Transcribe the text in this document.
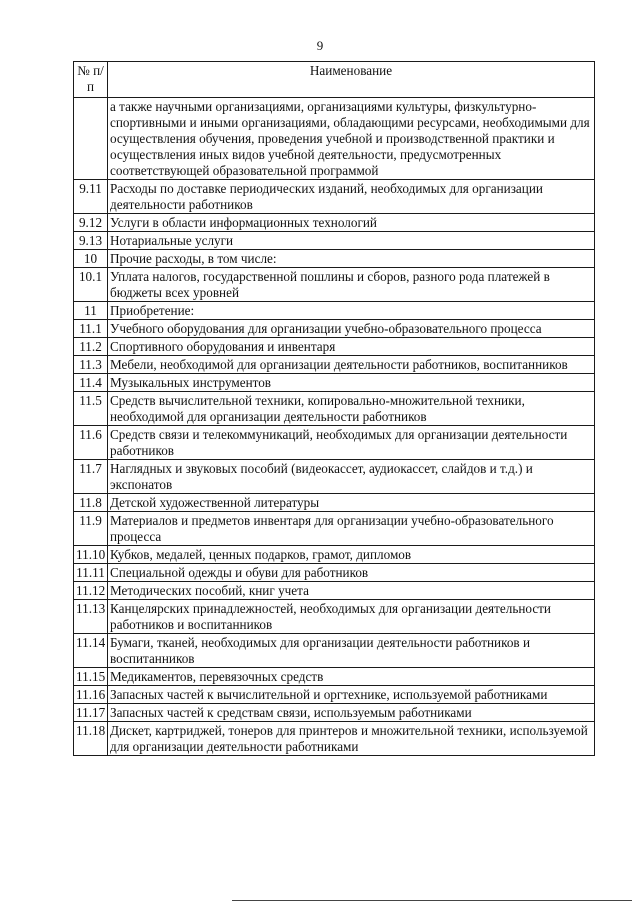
9
№ п/п	Наименование
	а также научными организациями, организациями культуры, физкультурно-спортивными и иными организациями, обладающими ресурсами, необходимыми для осуществления обучения, проведения учебной и производственной практики и осуществления иных видов учебной деятельности, предусмотренных соответствующей образовательной программой
9.11	Расходы по доставке периодических изданий, необходимых для организации деятельности работников
9.12	Услуги в области информационных технологий
9.13	Нотариальные услуги
10	Прочие расходы, в том числе:
10.1	Уплата налогов, государственной пошлины и сборов, разного рода платежей в бюджеты всех уровней
11	Приобретение:
11.1	Учебного оборудования для организации учебно-образовательного процесса
11.2	Спортивного оборудования и инвентаря
11.3	Мебели, необходимой для организации деятельности работников, воспитанников
11.4	Музыкальных инструментов
11.5	Средств вычислительной техники, копировально-множительной техники, необходимой для организации деятельности работников
11.6	Средств связи и телекоммуникаций, необходимых для организации деятельности работников
11.7	Наглядных и звуковых пособий (видеокассет, аудиокассет, слайдов и т.д.) и экспонатов
11.8	Детской художественной литературы
11.9	Материалов и предметов инвентаря для организации учебно-образовательного процесса
11.10	Кубков, медалей, ценных подарков, грамот, дипломов
11.11	Специальной одежды и обуви для работников
11.12	Методических пособий, книг учета
11.13	Канцелярских принадлежностей, необходимых для организации деятельности работников и воспитанников
11.14	Бумаги, тканей, необходимых для организации деятельности работников и воспитанников
11.15	Медикаментов, перевязочных средств
11.16	Запасных частей к вычислительной и оргтехнике, используемой работниками
11.17	Запасных частей к средствам связи, используемым работниками
11.18	Дискет, картриджей, тонеров для принтеров и множительной техники, используемой для организации деятельности работниками
